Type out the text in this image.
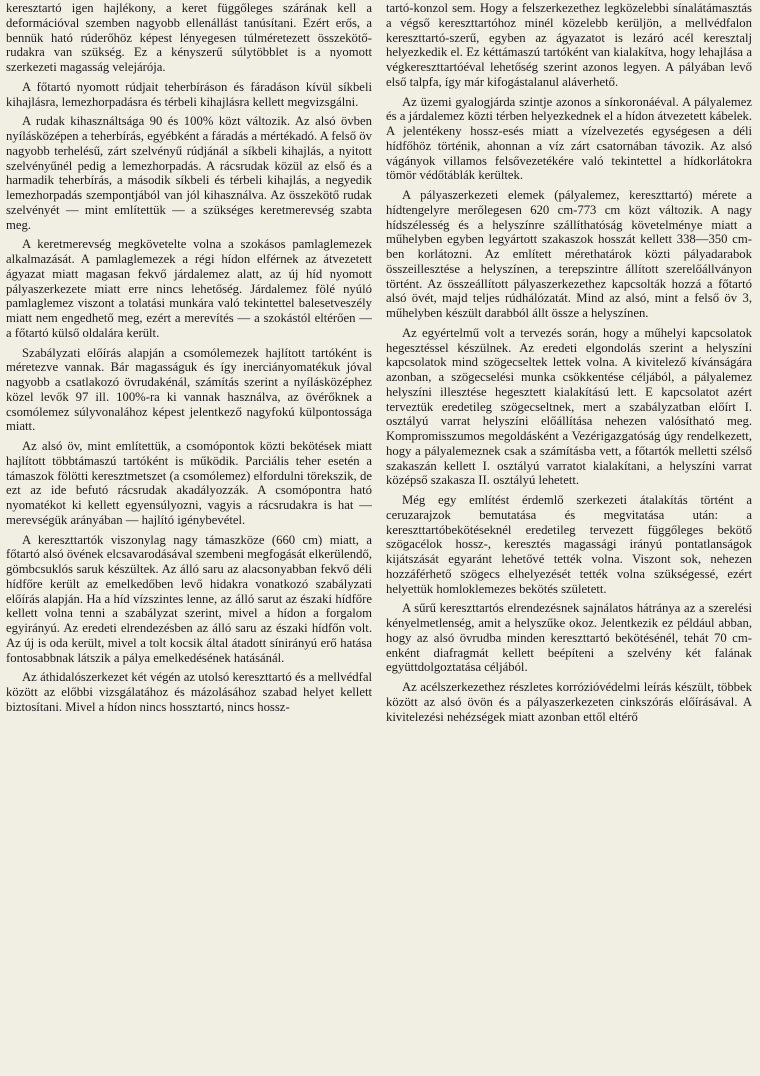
keresztartó igen hajlékony, a keret függőleges szárának kell a deformációval szemben nagyobb ellenállást tanúsítani. Ezért erős, a bennük ható rúderőhöz képest lényegesen túlméretezett összekötő-rudakra van szükség. Ez a kényszerű súlytöbblet is a nyomott szerkezeti magasság velejárója.

A főtartó nyomott rúdjait teherbíráson és fáradáson kívül síkbeli kihajlásra, lemezhorpadásra és térbeli kihajlásra kellett megvizsgálni.

A rudak kihasználtsága 90 és 100% közt változik. Az alsó övben nyílásközépen a teherbírás, egyébként a fáradás a mértékadó. A felső öv nagyobb terhelésű, zárt szelvényű rúdjánál a síkbeli kihajlás, a nyitott szelvényűnél pedig a lemezhorpadás. A rácsrudak közül az első és a harmadik teherbírás, a második síkbeli és térbeli kihajlás, a negyedik lemezhorpadás szempontjából van jól kihasználva. Az összekötő rudak szelvényét — mint említettük — a szükséges keretmerevség szabta meg.

A keretmerevség megkövetelte volna a szokásos pamlaglemezek alkalmazását. A pamlaglemezek a régi hídon elférnek az átvezetett ágyazat miatt magasan fekvő járdalemez alatt, az új híd nyomott pályaszerkezete miatt erre nincs lehetőség. Járdalemez fölé nyúló pamlaglemez viszont a tolatási munkára való tekintettel balesetveszély miatt nem engedhető meg, ezért a merevítés — a szokástól eltérően — a főtartó külső oldalára került.

Szabályzati előírás alapján a csomólemezek hajlított tartóként is méretezve vannak. Bár magasságuk és így inerciányomatékuk jóval nagyobb a csatlakozó övrudakénál, számítás szerint a nyílásközéphez közel levők 97 ill. 100%-ra ki vannak használva, az övérőknek a csomólemez súlyvonalához képest jelentkező nagyfokú külpontossága miatt.

Az alsó öv, mint említettük, a csomópontok közti bekötések miatt hajlított többtámaszú tartóként is működik. Parciális teher esetén a támaszok fölötti keresztmetszet (a csomólemez) elfordulni törekszik, de ezt az ide befutó rácsrudak akadályozzák. A csomópontra ható nyomatékot ki kellett egyensúlyozni, vagyis a rácsrudakra is hat — merevségük arányában — hajlító igénybevétel.

A kereszttartók viszonylag nagy támaszköze (660 cm) miatt, a főtartó alsó övének elcsavarodásával szembeni megfogását elkerülendő, gömbcsuklós saruk készültek. Az álló saru az alacsonyabban fekvő déli hídfőre került az emelkedőben levő hidakra vonatkozó szabályzati előírás alapján. Ha a híd vízszintes lenne, az álló sarut az északi hídfőre kellett volna tenni a szabályzat szerint, mivel a hídon a forgalom egyirányú. Az eredeti elrendezésben az álló saru az északi hídfőn volt. Az új is oda került, mivel a tolt kocsik által átadott sínirányú erő hatása fontosabbnak látszik a pálya emelkedésének hatásánál.

Az áthidalószerkezet két végén az utolsó kereszttartó és a mellvédfal között az előbbi vizsgálatához és mázolásához szabad helyet kellett biztosítani. Mivel a hídon nincs hossztartó, nincs hossz-

tartó-konzol sem. Hogy a felszerkezethez legközelebbi sínalátámasztás a végső kereszttartóhoz minél közelebb kerüljön, a mellvédfalon kereszttartó-szerű, egyben az ágyazatot is lezáró acél keresztalj helyezkedik el. Ez kéttámaszú tartóként van kialakítva, hogy lehajlása a végkereszttartóéval lehetőség szerint azonos legyen. A pályában levő első talpfa, így már kifogástalanul aláverhető.

Az üzemi gyalogjárda szintje azonos a sínkoronáéval. A pályalemez és a járdalemez közti térben helyezkednek el a hídon átvezetett kábelek. A jelentékeny hossz-esés miatt a vízelvezetés egységesen a déli hídfőhöz történik, ahonnan a víz zárt csatornában távozik. Az alsó vágányok villamos felsővezetékére való tekintettel a hídkorlátokra tömör védőtáblák kerültek.

A pályaszerkezeti elemek (pályalemez, kereszttartó) mérete a hídtengelyre merőlegesen 620 cm-773 cm közt változik. A nagy hídszélesség és a helyszínre szállíthatóság követelménye miatt a műhelyben egyben legyártott szakaszok hosszát kellett 338—350 cm-ben korlátozni. Az említett mérethatárok közti pályadarabok összeillesztése a helyszínen, a terepszintre állított szerelőállványon történt. Az összeállított pályaszerkezethez kapcsolták hozzá a főtartó alsó övét, majd teljes rúdhálózatát. Mind az alsó, mint a felső öv 3, műhelyben készült darabból állt össze a helyszínen.

Az egyértelmű volt a tervezés során, hogy a műhelyi kapcsolatok hegesztéssel készülnek. Az eredeti elgondolás szerint a helyszíni kapcsolatok mind szögecseltek lettek volna. A kivitelező kívánságára azonban, a szögecselési munka csökkentése céljából, a pályalemez helyszíni illesztése hegesztett kialakítású lett. E kapcsolatot azért terveztük eredetileg szögecseltnek, mert a szabályzatban előírt I. osztályú varrat helyszíni előállítása nehezen valósítható meg. Kompromisszumos megoldásként a Vezérigazgatóság úgy rendelkezett, hogy a pályalemeznek csak a számításba vett, a főtartók melletti szélső szakaszán kellett I. osztályú varratot kialakítani, a helyszíni varrat középső szakasza II. osztályú lehetett.

Még egy említést érdemlő szerkezeti átalakítás történt a ceruzarajzok bemutatása és megvitatása után: a kereszttartóbekötéseknél eredetileg tervezett függőleges bekötő szögacélok hossz-, keresztés magassági irányú pontatlanságok kijátszását egyaránt lehetővé tették volna. Viszont sok, nehezen hozzáférhető szögecs elhelyezését tették volna szükségessé, ezért helyettük homloklemezes bekötés született.

A sűrű kereszttartós elrendezésnek sajnálatos hátránya az a szerelési kényelmetlenség, amit a helyszűke okoz. Jelentkezik ez például abban, hogy az alsó övrudba minden kereszttartó bekötésénél, tehát 70 cm-enként diafragmát kellett beépíteni a szelvény két falának együttdolgoztatása céljából.

Az acélszerkezethez részletes korrózióvédelmi leírás készült, többek között az alsó övön és a pályaszerkezeten cinkszórás előírásával. A kivitelezési nehézségek miatt azonban ettől eltérő
